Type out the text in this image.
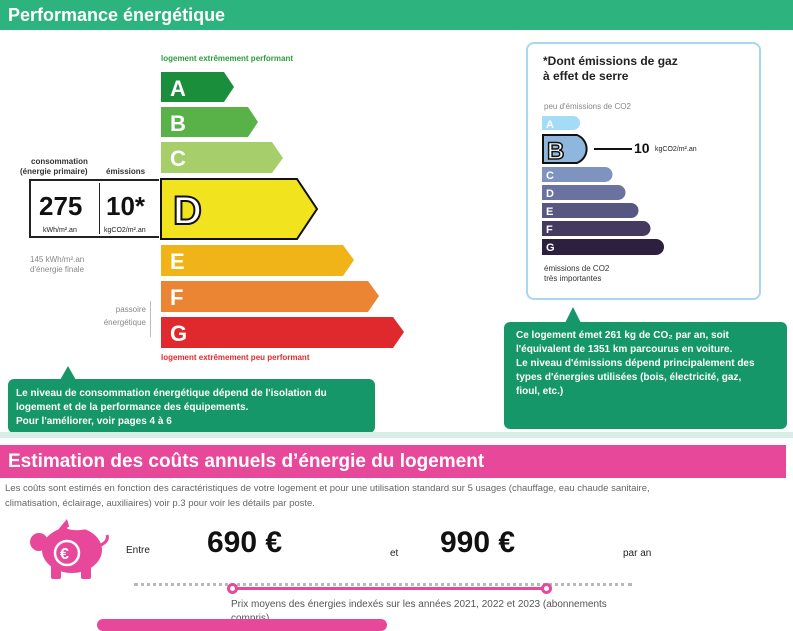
Performance énergétique
logement extrêmement performant
A
B
C
D
E
F
G
logement extrêmement peu performant
consommation
(énergie primaire) émissions
275
kWh/m².an
10*
kgCO2/m².an
145 kWh/m².an
d'énergie finale
passoire
énergétique
Le niveau de consommation énergétique dépend de l'isolation du
logement et de la performance des équipements.
Pour l'améliorer, voir pages 4 à 6
*Dont émissions de gaz
à effet de serre
peu d'émissions de CO2
A
B
C
D
E
F
G
10 kgCO2/m².an
émissions de CO2
très importantes
Ce logement émet 261 kg de CO₂ par an, soit
l'équivalent de 1351 km parcourus en voiture.
Le niveau d'émissions dépend principalement des
types d'énergies utilisées (bois, électricité, gaz,
fioul, etc.)
Estimation des coûts annuels d’énergie du logement
Les coûts sont estimés en fonction des caractéristiques de votre logement et pour une utilisation standard sur 5 usages (chauffage, eau chaude sanitaire,
climatisation, éclairage, auxiliaires) voir p.3 pour voir les détails par poste.
€	Entre 690 €	et 990 €	par an
Prix moyens des énergies indexés sur les années 2021, 2022 et 2023 (abonnements
